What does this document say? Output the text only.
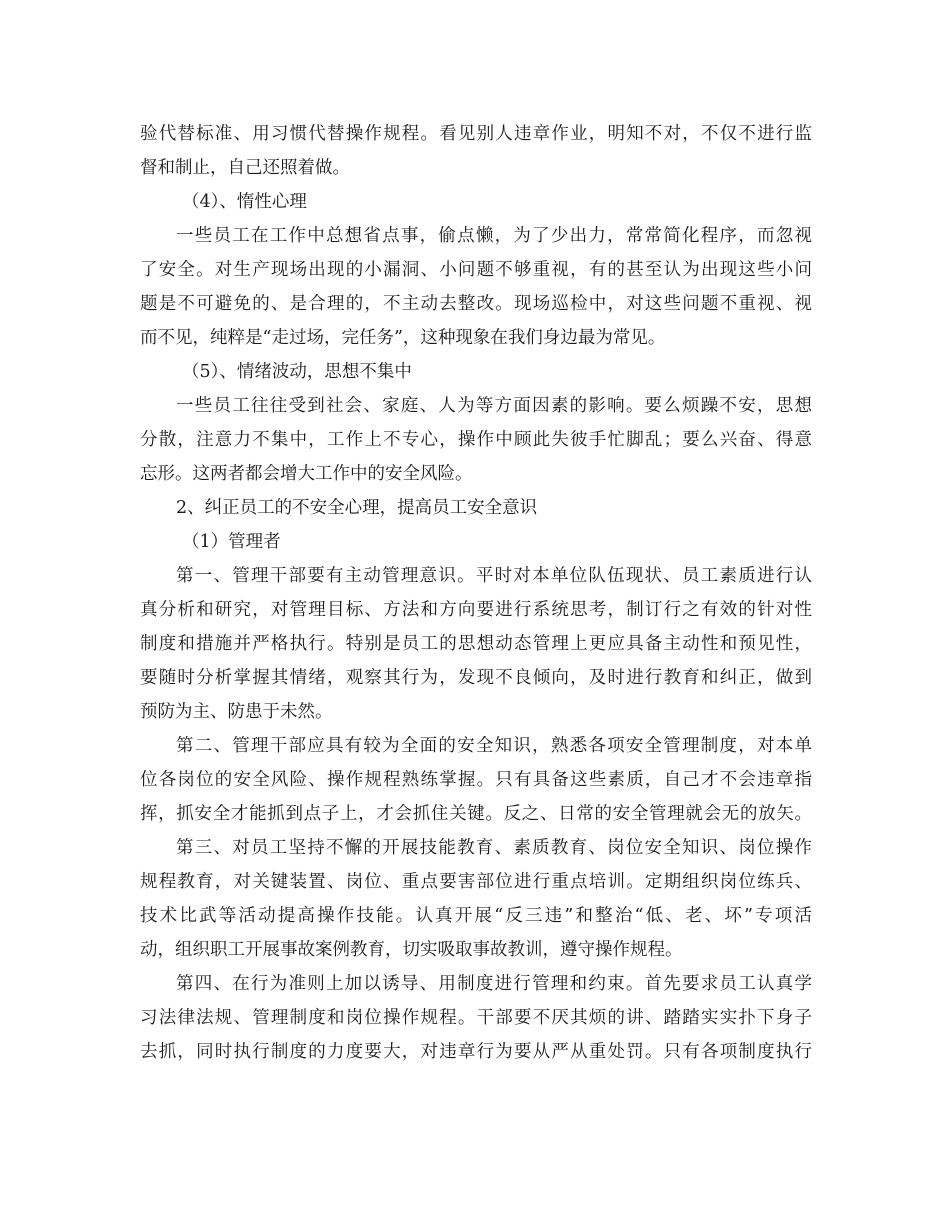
验代替标准、用习惯代替操作规程。看见别人违章作业，明知不对，不仅不进行监
督和制止，自己还照着做。
（4）、惰性心理
一些员工在工作中总想省点事，偷点懒，为了少出力，常常简化程序，而忽视
了安全。对生产现场出现的小漏洞、小问题不够重视，有的甚至认为出现这些小问
题是不可避免的、是合理的，不主动去整改。现场巡检中，对这些问题不重视、视
而不见，纯粹是“走过场，完任务”，这种现象在我们身边最为常见。
（5）、情绪波动，思想不集中
一些员工往往受到社会、家庭、人为等方面因素的影响。要么烦躁不安，思想
分散，注意力不集中，工作上不专心，操作中顾此失彼手忙脚乱；要么兴奋、得意
忘形。这两者都会增大工作中的安全风险。
2、纠正员工的不安全心理，提高员工安全意识
（1）管理者
第一、管理干部要有主动管理意识。平时对本单位队伍现状、员工素质进行认
真分析和研究，对管理目标、方法和方向要进行系统思考，制订行之有效的针对性
制度和措施并严格执行。特别是员工的思想动态管理上更应具备主动性和预见性，
要随时分析掌握其情绪，观察其行为，发现不良倾向，及时进行教育和纠正，做到
预防为主、防患于未然。
第二、管理干部应具有较为全面的安全知识，熟悉各项安全管理制度，对本单
位各岗位的安全风险、操作规程熟练掌握。只有具备这些素质，自己才不会违章指
挥，抓安全才能抓到点子上，才会抓住关键。反之、日常的安全管理就会无的放矢。
第三、对员工坚持不懈的开展技能教育、素质教育、岗位安全知识、岗位操作
规程教育，对关键装置、岗位、重点要害部位进行重点培训。定期组织岗位练兵、
技术比武等活动提高操作技能。认真开展“反三违”和整治“低、老、坏”专项活
动，组织职工开展事故案例教育，切实吸取事故教训，遵守操作规程。
第四、在行为准则上加以诱导、用制度进行管理和约束。首先要求员工认真学
习法律法规、管理制度和岗位操作规程。干部要不厌其烦的讲、踏踏实实扑下身子
去抓，同时执行制度的力度要大，对违章行为要从严从重处罚。只有各项制度执行
